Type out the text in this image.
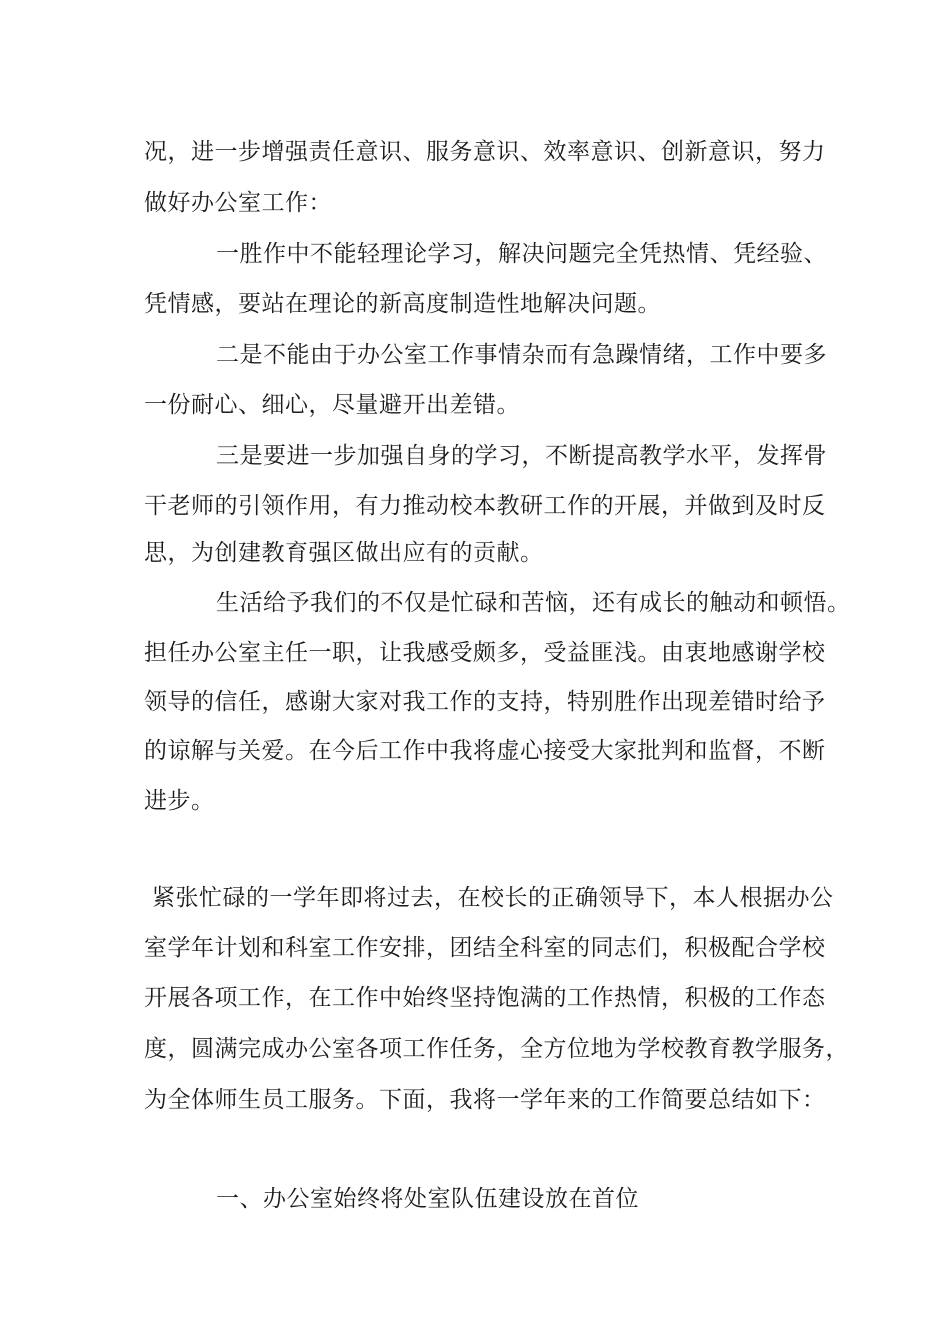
况，进一步增强责任意识、服务意识、效率意识、创新意识，努力
做好办公室工作：
一胜作中不能轻理论学习，解决问题完全凭热情、凭经验、
凭情感，要站在理论的新高度制造性地解决问题。
二是不能由于办公室工作事情杂而有急躁情绪，工作中要多
一份耐心、细心，尽量避开出差错。
三是要进一步加强自身的学习，不断提高教学水平，发挥骨
干老师的引领作用，有力推动校本教研工作的开展，并做到及时反
思，为创建教育强区做出应有的贡献。
生活给予我们的不仅是忙碌和苦恼，还有成长的触动和顿悟。
担任办公室主任一职，让我感受颇多，受益匪浅。由衷地感谢学校
领导的信任，感谢大家对我工作的支持，特别胜作出现差错时给予
的谅解与关爱。在今后工作中我将虚心接受大家批判和监督，不断
进步。
紧张忙碌的一学年即将过去，在校长的正确领导下，本人根据办公
室学年计划和科室工作安排，团结全科室的同志们，积极配合学校
开展各项工作，在工作中始终坚持饱满的工作热情，积极的工作态
度，圆满完成办公室各项工作任务，全方位地为学校教育教学服务，
为全体师生员工服务。下面，我将一学年来的工作简要总结如下：
一、办公室始终将处室队伍建设放在首位
